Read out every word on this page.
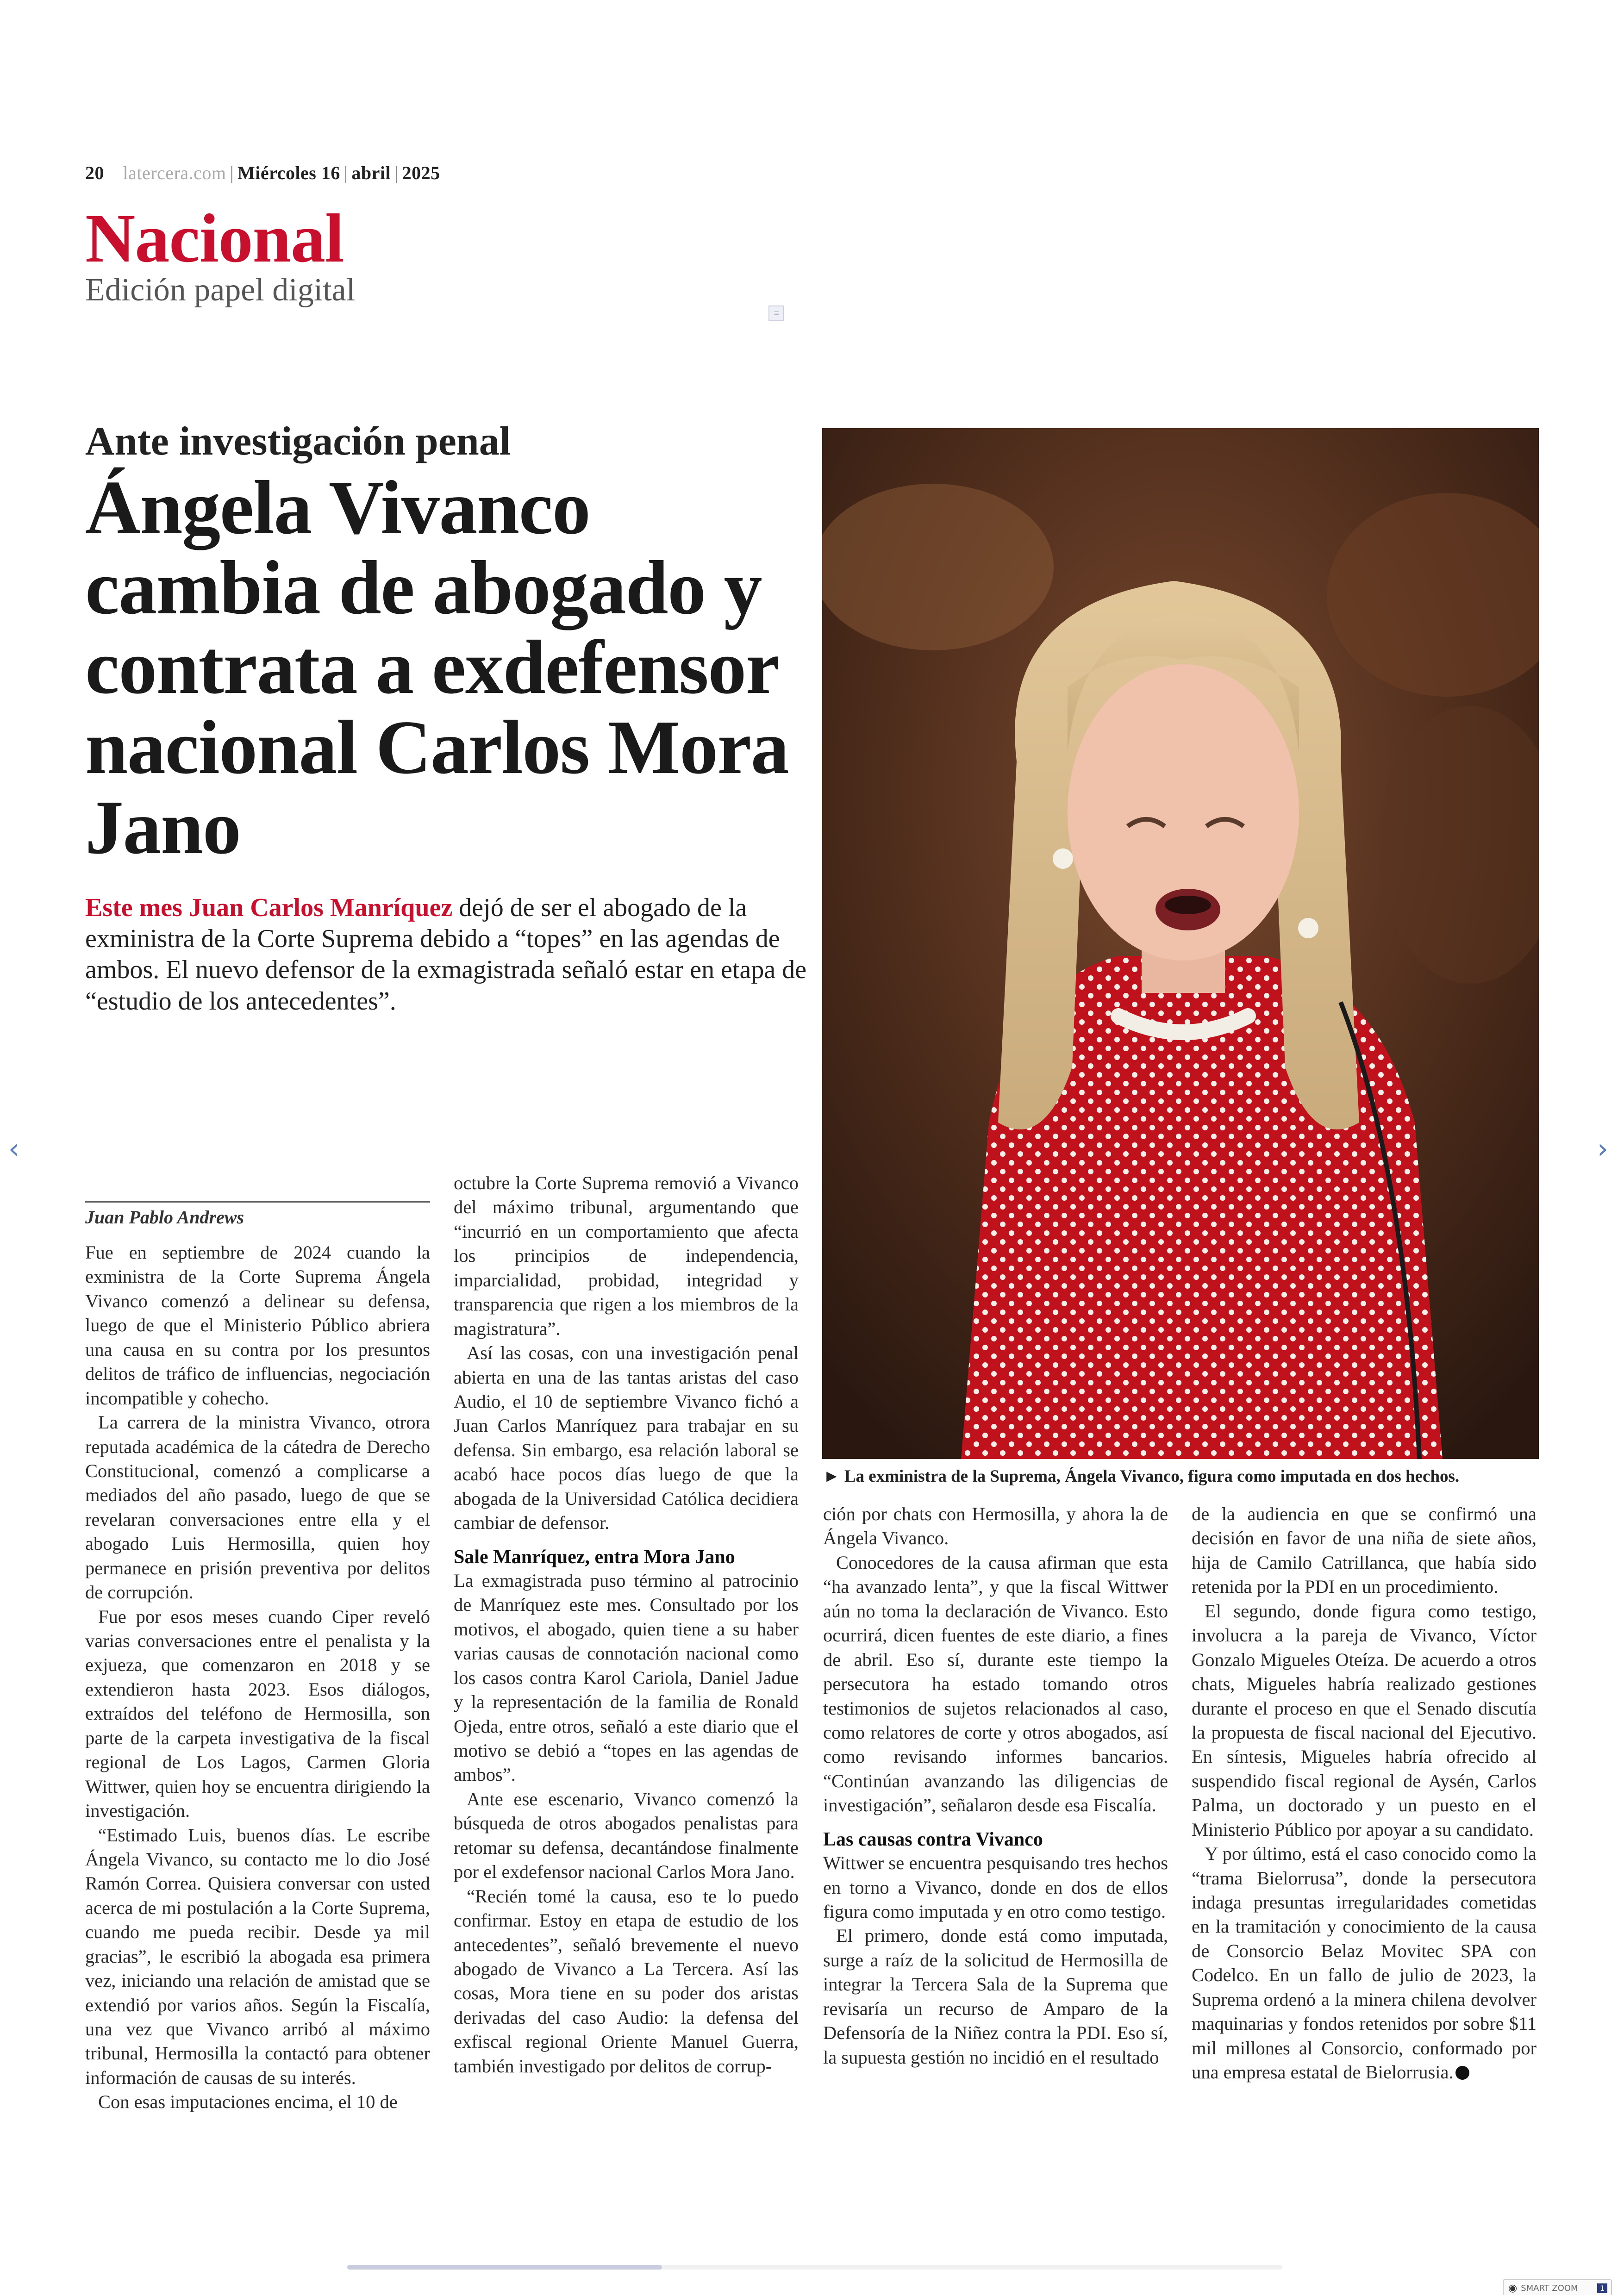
20 latercera.com | Miércoles 16 | abril | 2025
Nacional
Edición papel digital
≡
Ante investigación penal
Ángela Vivanco cambia de abogado y contrata a exdefensor nacional Carlos Mora Jano

Este mes Juan Carlos Manríquez dejó de ser el abogado de la exministra de la Corte Suprema debido a “topes” en las agendas de ambos. El nuevo defensor de la exmagistrada señaló estar en etapa de “estudio de los antecedentes”.

► La exministra de la Suprema, Ángela Vivanco, figura como imputada en dos hechos.
Juan Pablo Andrews

Fue en septiembre de 2024 cuando la exministra de la Corte Suprema Ángela Vivanco comenzó a delinear su defensa, luego de que el Ministerio Público abriera una causa en su contra por los presuntos delitos de tráfico de influencias, negociación incompatible y cohecho.

La carrera de la ministra Vivanco, otrora reputada académica de la cátedra de Derecho Constitucional, comenzó a complicarse a mediados del año pasado, luego de que se revelaran conversaciones entre ella y el abogado Luis Hermosilla, quien hoy permanece en prisión preventiva por delitos de corrupción.

Fue por esos meses cuando Ciper reveló varias conversaciones entre el penalista y la exjueza, que comenzaron en 2018 y se extendieron hasta 2023. Esos diálogos, extraídos del teléfono de Hermosilla, son parte de la carpeta investigativa de la fiscal regional de Los Lagos, Carmen Gloria Wittwer, quien hoy se encuentra dirigiendo la investigación.

“Estimado Luis, buenos días. Le escribe Ángela Vivanco, su contacto me lo dio José Ramón Correa. Quisiera conversar con usted acerca de mi postulación a la Corte Suprema, cuando me pueda recibir. Desde ya mil gracias”, le escribió la abogada esa primera vez, iniciando una relación de amistad que se extendió por varios años. Según la Fiscalía, una vez que Vivanco arribó al máximo tribunal, Hermosilla la contactó para obtener información de causas de su interés.

Con esas imputaciones encima, el 10 de

octubre la Corte Suprema removió a Vivanco del máximo tribunal, argumentando que “incurrió en un comportamiento que afecta los principios de independencia, imparcialidad, probidad, integridad y transparencia que rigen a los miembros de la magistratura”.

Así las cosas, con una investigación penal abierta en una de las tantas aristas del caso Audio, el 10 de septiembre Vivanco fichó a Juan Carlos Manríquez para trabajar en su defensa. Sin embargo, esa relación laboral se acabó hace pocos días luego de que la abogada de la Universidad Católica decidiera cambiar de defensor.

Sale Manríquez, entra Mora Jano

La exmagistrada puso término al patrocinio de Manríquez este mes. Consultado por los motivos, el abogado, quien tiene a su haber varias causas de connotación nacional como los casos contra Karol Cariola, Daniel Jadue y la representación de la familia de Ronald Ojeda, entre otros, señaló a este diario que el motivo se debió a “topes en las agendas de ambos”.

Ante ese escenario, Vivanco comenzó la búsqueda de otros abogados penalistas para retomar su defensa, decantándose finalmente por el exdefensor nacional Carlos Mora Jano.

“Recién tomé la causa, eso te lo puedo confirmar. Estoy en etapa de estudio de los antecedentes”, señaló brevemente el nuevo abogado de Vivanco a La Tercera. Así las cosas, Mora tiene en su poder dos aristas derivadas del caso Audio: la defensa del exfiscal regional Oriente Manuel Guerra, también investigado por delitos de corrup-

ción por chats con Hermosilla, y ahora la de Ángela Vivanco.

Conocedores de la causa afirman que esta “ha avanzado lenta”, y que la fiscal Wittwer aún no toma la declaración de Vivanco. Esto ocurrirá, dicen fuentes de este diario, a fines de abril. Eso sí, durante este tiempo la persecutora ha estado tomando otros testimonios de sujetos relacionados al caso, como relatores de corte y otros abogados, así como revisando informes bancarios. “Continúan avanzando las diligencias de investigación”, señalaron desde esa Fiscalía.

Las causas contra Vivanco

Wittwer se encuentra pesquisando tres hechos en torno a Vivanco, donde en dos de ellos figura como imputada y en otro como testigo.

El primero, donde está como imputada, surge a raíz de la solicitud de Hermosilla de integrar la Tercera Sala de la Suprema que revisaría un recurso de Amparo de la Defensoría de la Niñez contra la PDI. Eso sí, la supuesta gestión no incidió en el resultado

de la audiencia en que se confirmó una decisión en favor de una niña de siete años, hija de Camilo Catrillanca, que había sido retenida por la PDI en un procedimiento.

El segundo, donde figura como testigo, involucra a la pareja de Vivanco, Víctor Gonzalo Migueles Oteíza. De acuerdo a otros chats, Migueles habría realizado gestiones durante el proceso en que el Senado discutía la propuesta de fiscal nacional del Ejecutivo. En síntesis, Migueles habría ofrecido al suspendido fiscal regional de Aysén, Carlos Palma, un doctorado y un puesto en el Ministerio Público por apoyar a su candidato.

Y por último, está el caso conocido como la “trama Bielorrusa”, donde la persecutora indaga presuntas irregularidades cometidas en la tramitación y conocimiento de la causa de Consorcio Belaz Movitec SPA con Codelco. En un fallo de julio de 2023, la Suprema ordenó a la minera chilena devolver maquinarias y fondos retenidos por sobre $11 mil millones al Consorcio, conformado por una empresa estatal de Bielorrusia.

‹	›
◉ SMART ZOOM	1
